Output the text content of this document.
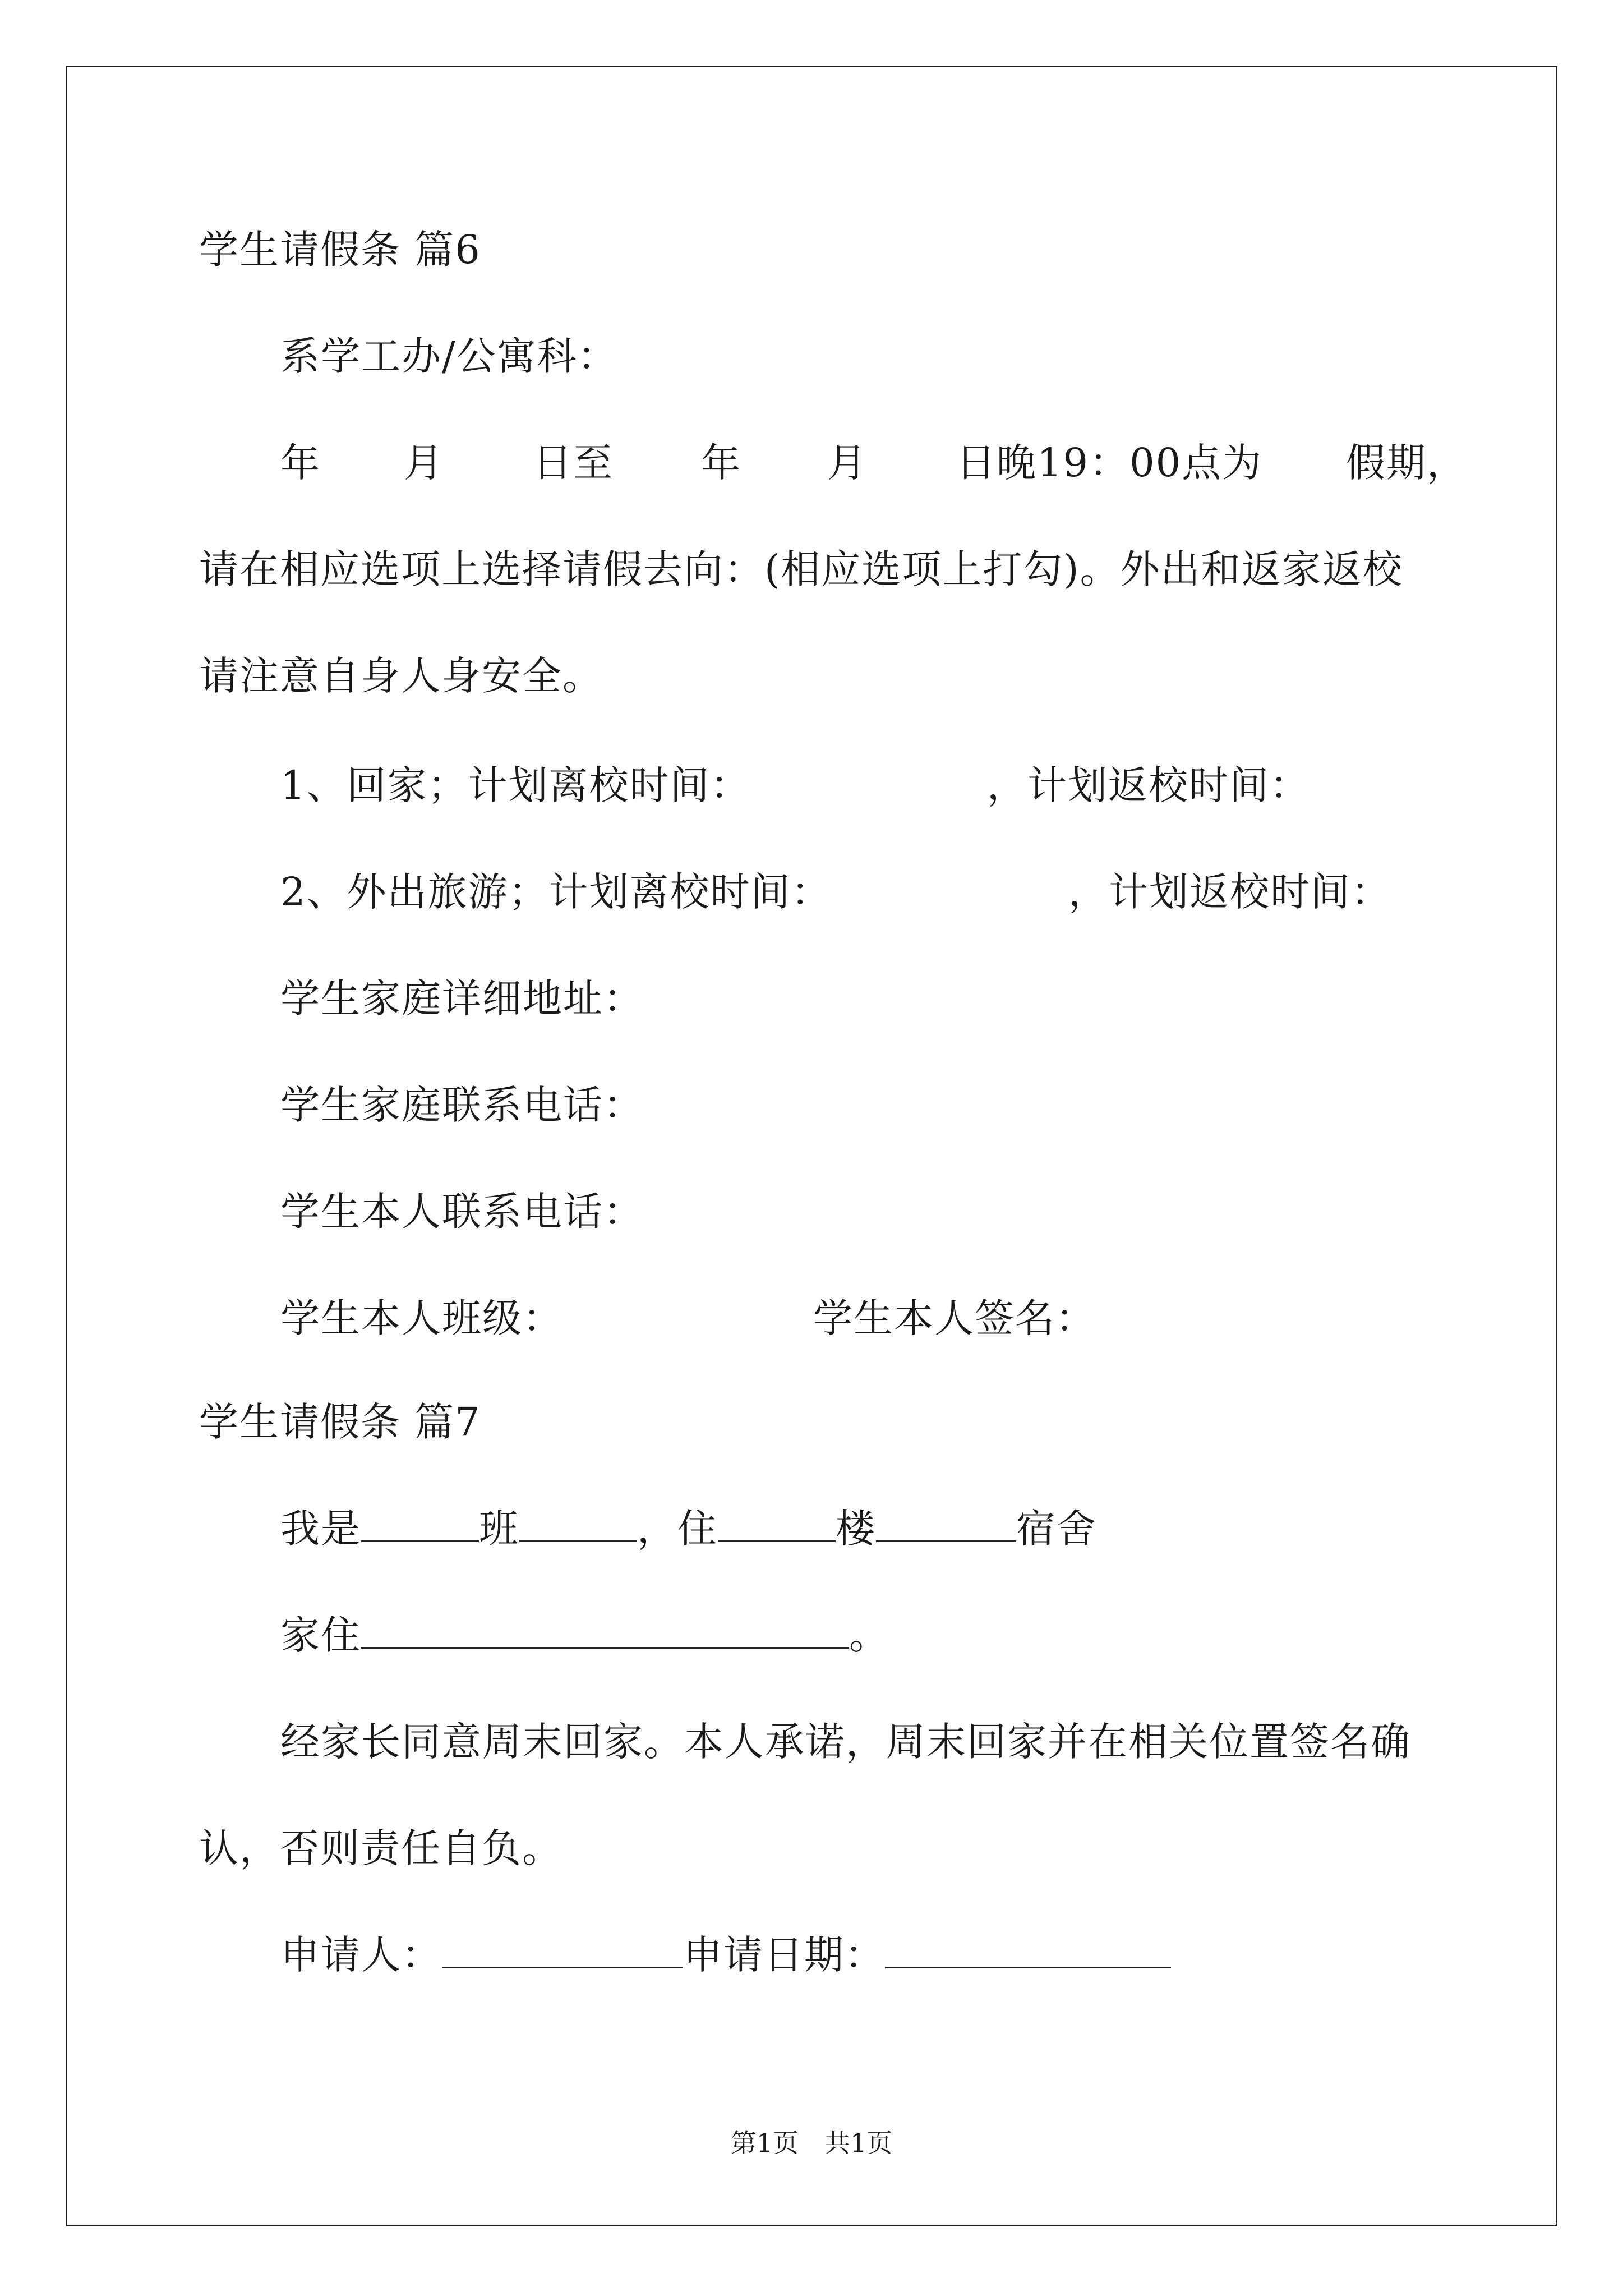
学生请假条 篇6
系学工办/公寓科：

年

月

日至

年

月

日晚19：00点为

假期，

请在相应选项上选择请假去向：(相应选项上打勾)。外出和返家返校
请注意自身人身安全。

1、回家；计划离校时间：

	，计划返校时间：

2、外出旅游；计划离校时间：

	，计划返校时间：

学生家庭详细地址：
学生家庭联系电话：
学生本人联系电话：

学生本人班级：

	学生本人签名：

学生请假条 篇7
我是	班	，住	楼	宿舍
家住	。
经家长同意周末回家。本人承诺，周末回家并在相关位置签名确
认，否则责任自负。
申请人：	申请日期：
第1页　共1页
